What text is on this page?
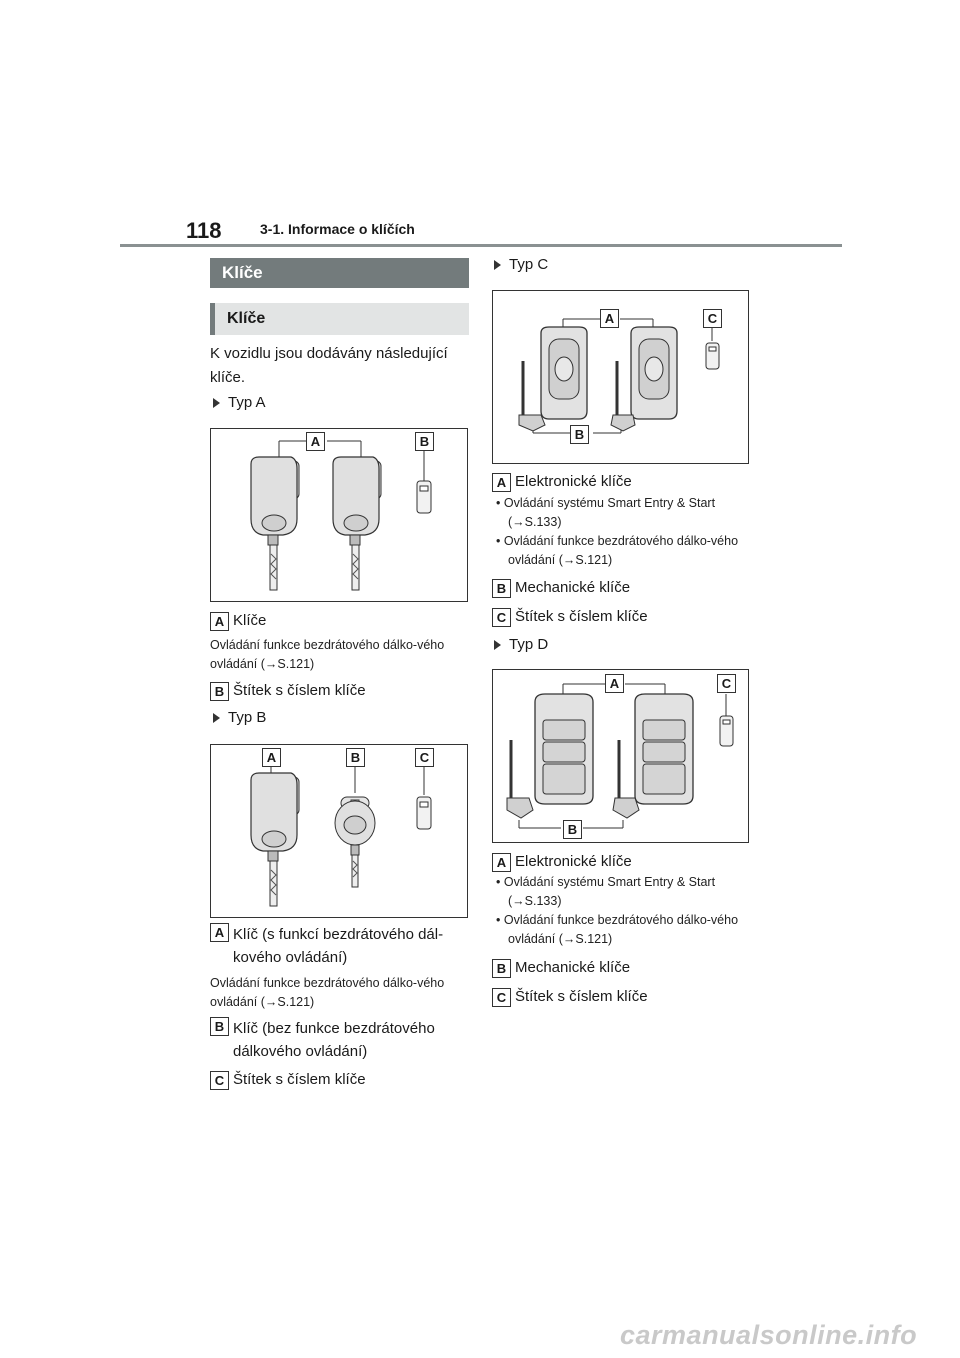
118	3-1. Informace o klíčích
Klíče
Klíče
K vozidlu jsou dodávány následující klíče.
Typ A
A	B
A Klíče
Ovládání funkce bezdrátového dálko-vého ovládání (→S.121)
B Štítek s číslem klíče
Typ B
A	B	C
A Klíč (s funkcí bezdrátového dál-kového ovládání)
Ovládání funkce bezdrátového dálko-vého ovládání (→S.121)
B Klíč (bez funkce bezdrátového dálkového ovládání)
C Štítek s číslem klíče
Typ C
A
B
C
A Elektronické klíče
• Ovládání systému Smart Entry & Start (→S.133)
• Ovládání funkce bezdrátového dálko-vého ovládání (→S.121)
B Mechanické klíče
C Štítek s číslem klíče
Typ D
A
B
C
A Elektronické klíče
• Ovládání systému Smart Entry & Start (→S.133)
• Ovládání funkce bezdrátového dálko-vého ovládání (→S.121)
B Mechanické klíče
C Štítek s číslem klíče
carmanualsonline.info
